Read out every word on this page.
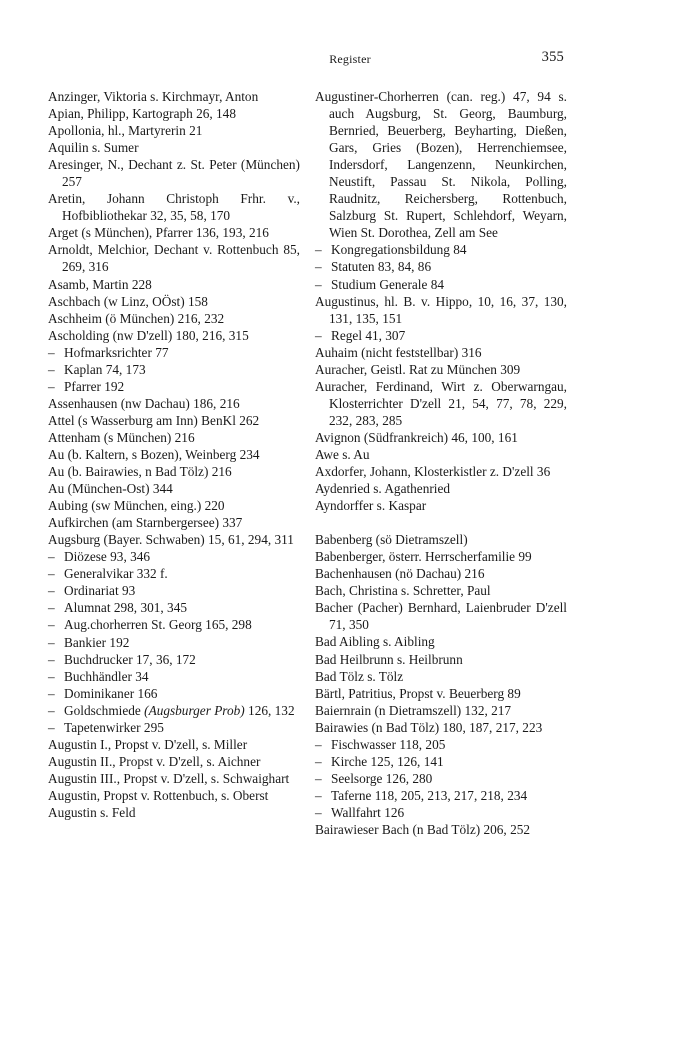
Register	355

Anzinger, Viktoria s. Kirchmayr, Anton

Apian, Philipp, Kartograph 26, 148

Apollonia, hl., Martyrerin 21

Aquilin s. Sumer

Aresinger, N., Dechant z. St. Peter (München) 257

Aretin, Johann Christoph Frhr. v., Hofbibliothekar 32, 35, 58, 170

Arget (s München), Pfarrer 136, 193, 216

Arnoldt, Melchior, Dechant v. Rottenbuch 85, 269, 316

Asamb, Martin 228

Aschbach (w Linz, OÖst) 158

Aschheim (ö München) 216, 232

Ascholding (nw D'zell) 180, 216, 315

– Hofmarksrichter 77

– Kaplan 74, 173

– Pfarrer 192

Assenhausen (nw Dachau) 186, 216

Attel (s Wasserburg am Inn) BenKl 262

Attenham (s München) 216

Au (b. Kaltern, s Bozen), Weinberg 234

Au (b. Bairawies, n Bad Tölz) 216

Au (München-Ost) 344

Aubing (sw München, eing.) 220

Aufkirchen (am Starnbergersee) 337

Augsburg (Bayer. Schwaben) 15, 61, 294, 311

– Diözese 93, 346

– Generalvikar 332 f.

– Ordinariat 93

– Alumnat 298, 301, 345

– Aug.chorherren St. Georg 165, 298

– Bankier 192

– Buchdrucker 17, 36, 172

– Buchhändler 34

– Dominikaner 166

– Goldschmiede (Augsburger Prob) 126, 132

– Tapetenwirker 295

Augustin I., Propst v. D'zell, s. Miller

Augustin II., Propst v. D'zell, s. Aichner

Augustin III., Propst v. D'zell, s. Schwaighart

Augustin, Propst v. Rottenbuch, s. Oberst

Augustin s. Feld

Augustiner-Chorherren (can. reg.) 47, 94 s. auch Augsburg, St. Georg, Baumburg, Bernried, Beuerberg, Beyharting, Dießen, Gars, Gries (Bozen), Herrenchiemsee, Indersdorf, Langenzenn, Neunkirchen, Neustift, Passau St. Nikola, Polling, Raudnitz, Reichersberg, Rottenbuch, Salzburg St. Rupert, Schlehdorf, Weyarn, Wien St. Dorothea, Zell am See

– Kongregationsbildung 84

– Statuten 83, 84, 86

– Studium Generale 84

Augustinus, hl. B. v. Hippo, 10, 16, 37, 130, 131, 135, 151

– Regel 41, 307

Auhaim (nicht feststellbar) 316

Auracher, Geistl. Rat zu München 309

Auracher, Ferdinand, Wirt z. Oberwarngau, Klosterrichter D'zell 21, 54, 77, 78, 229, 232, 283, 285

Avignon (Südfrankreich) 46, 100, 161

Awe s. Au

Axdorfer, Johann, Klosterkistler z. D'zell 36

Aydenried s. Agathenried

Ayndorffer s. Kaspar

Babenberg (sö Dietramszell)

Babenberger, österr. Herrscherfamilie 99

Bachenhausen (nö Dachau) 216

Bach, Christina s. Schretter, Paul

Bacher (Pacher) Bernhard, Laienbruder D'zell 71, 350

Bad Aibling s. Aibling

Bad Heilbrunn s. Heilbrunn

Bad Tölz s. Tölz

Bärtl, Patritius, Propst v. Beuerberg 89

Baiernrain (n Dietramszell) 132, 217

Bairawies (n Bad Tölz) 180, 187, 217, 223

– Fischwasser 118, 205

– Kirche 125, 126, 141

– Seelsorge 126, 280

– Taferne 118, 205, 213, 217, 218, 234

– Wallfahrt 126

Bairawieser Bach (n Bad Tölz) 206, 252
